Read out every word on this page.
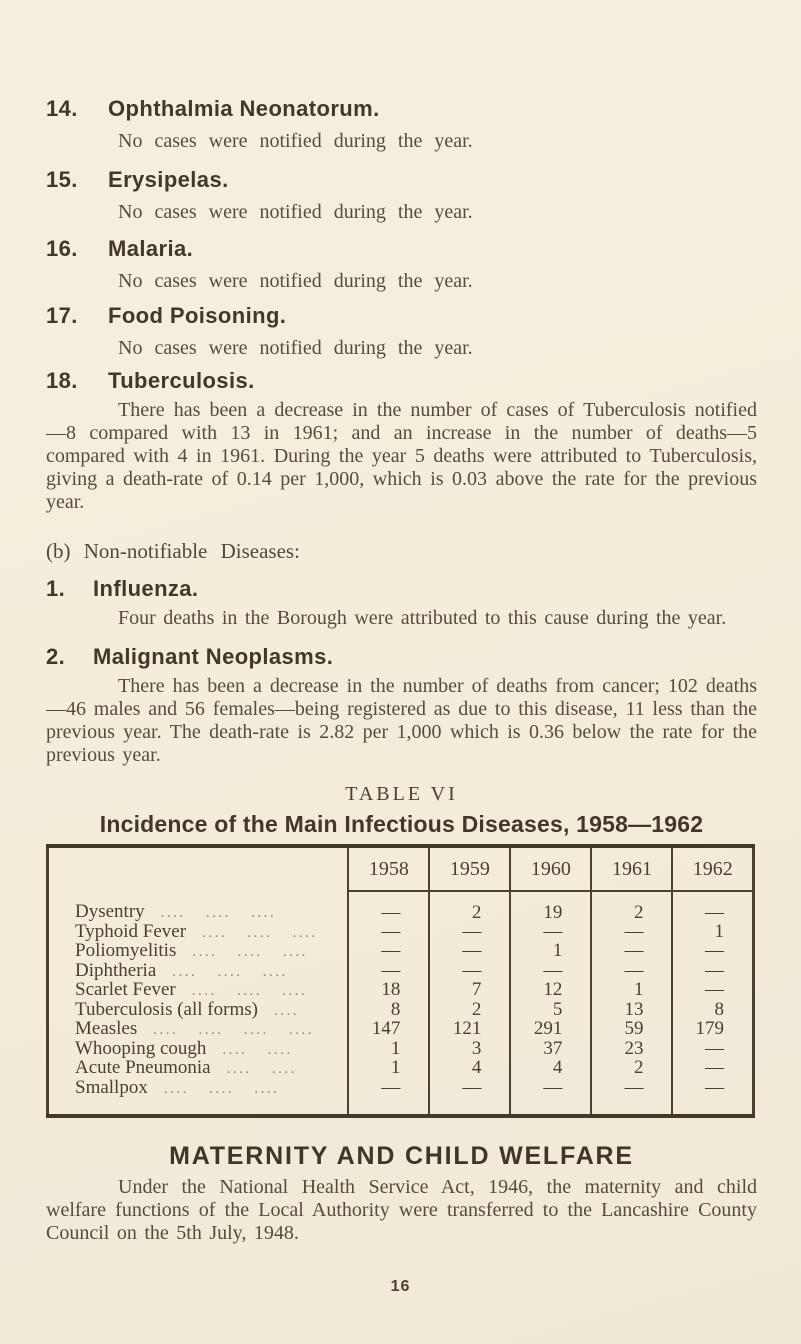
14.	Ophthalmia Neonatorum.
No cases were notified during the year.
15.	Erysipelas.
No cases were notified during the year.
16.	Malaria.
No cases were notified during the year.
17.	Food Poisoning.
No cases were notified during the year.
18.	Tuberculosis.
There has been a decrease in the number of cases of Tuberculosis notified—8 compared with 13 in 1961; and an increase in the number of deaths—5 compared with 4 in 1961. During the year 5 deaths were attributed to Tuberculosis, giving a death-rate of 0.14 per 1,000, which is 0.03 above the rate for the previous year.
(b) Non-notifiable Diseases:
1.	Influenza.
Four deaths in the Borough were attributed to this cause during the year.
2.	Malignant Neoplasms.
There has been a decrease in the number of deaths from cancer; 102 deaths—46 males and 56 females—being registered as due to this disease, 11 less than the previous year. The death-rate is 2.82 per 1,000 which is 0.36 below the rate for the previous year.
TABLE VI
Incidence of the Main Infectious Diseases, 1958—1962
	1958	1959	1960	1961	1962
Dysentry .... .... ....	—	2	19	2	—
Typhoid Fever .... .... ....	—	—	—	—	1
Poliomyelitis .... .... ....	—	—	1	—	—
Diphtheria .... .... ....	—	—	—	—	—
Scarlet Fever .... .... ....	18	7	12	1	—
Tuberculosis (all forms) ....	8	2	5	13	8
Measles .... .... .... ....	147	121	291	59	179
Whooping cough .... ....	1	3	37	23	—
Acute Pneumonia .... ....	1	4	4	2	—
Smallpox .... .... ....	—	—	—	—	—
MATERNITY AND CHILD WELFARE
Under the National Health Service Act, 1946, the maternity and child welfare functions of the Local Authority were transferred to the Lancashire County Council on the 5th July, 1948.
16
